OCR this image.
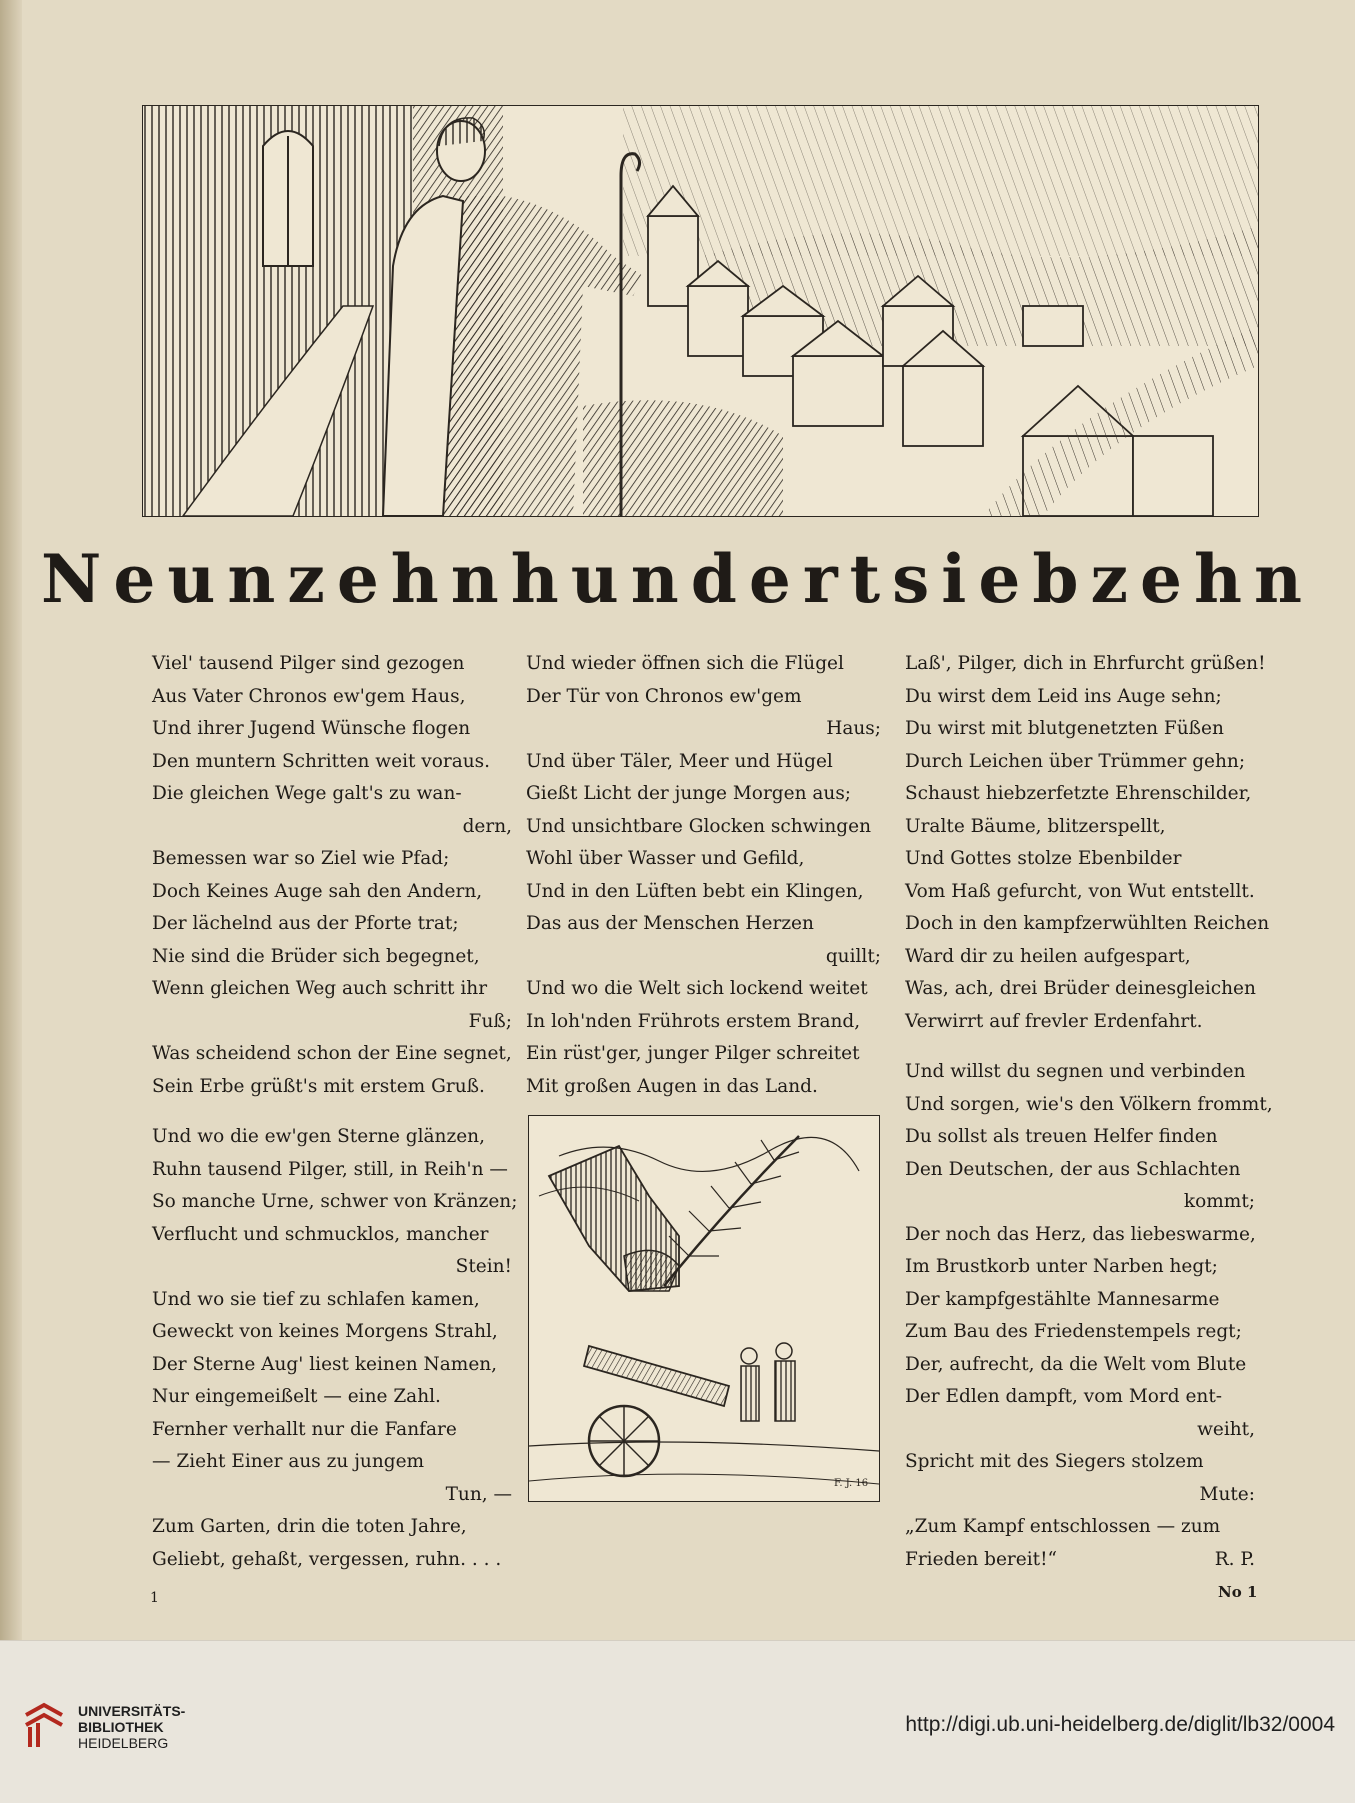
Neunzehnhundertsiebzehn
Viel' tausend Pilger sind gezogen
Aus Vater Chronos ew'gem Haus,
Und ihrer Jugend Wünsche flogen
Den muntern Schritten weit voraus.
Die gleichen Wege galt's zu wan-
dern,
Bemessen war so Ziel wie Pfad;
Doch Keines Auge sah den Andern,
Der lächelnd aus der Pforte trat;
Nie sind die Brüder sich begegnet,
Wenn gleichen Weg auch schritt ihr
Fuß;
Was scheidend schon der Eine segnet,
Sein Erbe grüßt's mit erstem Gruß.
Und wo die ew'gen Sterne glänzen,
Ruhn tausend Pilger, still, in Reih'n —
So manche Urne, schwer von Kränzen;
Verflucht und schmucklos, mancher
Stein!
Und wo sie tief zu schlafen kamen,
Geweckt von keines Morgens Strahl,
Der Sterne Aug' liest keinen Namen,
Nur eingemeißelt — eine Zahl.
Fernher verhallt nur die Fanfare
— Zieht Einer aus zu jungem
Tun, —
Zum Garten, drin die toten Jahre,
Geliebt, gehaßt, vergessen, ruhn. . . .
Und wieder öffnen sich die Flügel
Der Tür von Chronos ew'gem
Haus;
Und über Täler, Meer und Hügel
Gießt Licht der junge Morgen aus;
Und unsichtbare Glocken schwingen
Wohl über Wasser und Gefild,
Und in den Lüften bebt ein Klingen,
Das aus der Menschen Herzen
quillt;
Und wo die Welt sich lockend weitet
In loh'nden Frührots erstem Brand,
Ein rüst'ger, junger Pilger schreitet
Mit großen Augen in das Land.
Laß', Pilger, dich in Ehrfurcht grüßen!
Du wirst dem Leid ins Auge sehn;
Du wirst mit blutgenetzten Füßen
Durch Leichen über Trümmer gehn;
Schaust hiebzerfetzte Ehrenschilder,
Uralte Bäume, blitzerspellt,
Und Gottes stolze Ebenbilder
Vom Haß gefurcht, von Wut entstellt.
Doch in den kampfzerwühlten Reichen
Ward dir zu heilen aufgespart,
Was, ach, drei Brüder deinesgleichen
Verwirrt auf frevler Erdenfahrt.
Und willst du segnen und verbinden
Und sorgen, wie's den Völkern frommt,
Du sollst als treuen Helfer finden
Den Deutschen, der aus Schlachten
kommt;
Der noch das Herz, das liebeswarme,
Im Brustkorb unter Narben hegt;
Der kampfgestählte Mannesarme
Zum Bau des Friedenstempels regt;
Der, aufrecht, da die Welt vom Blute
Der Edlen dampft, vom Mord ent-
weiht,
Spricht mit des Siegers stolzem
Mute:
„Zum Kampf entschlossen — zum
Frieden bereit!“	R. P.
F. J. 16
1	No 1
UNIVERSITÄTS-
BIBLIOTHEK
HEIDELBERG
http://digi.ub.uni-heidelberg.de/diglit/lb32/0004
